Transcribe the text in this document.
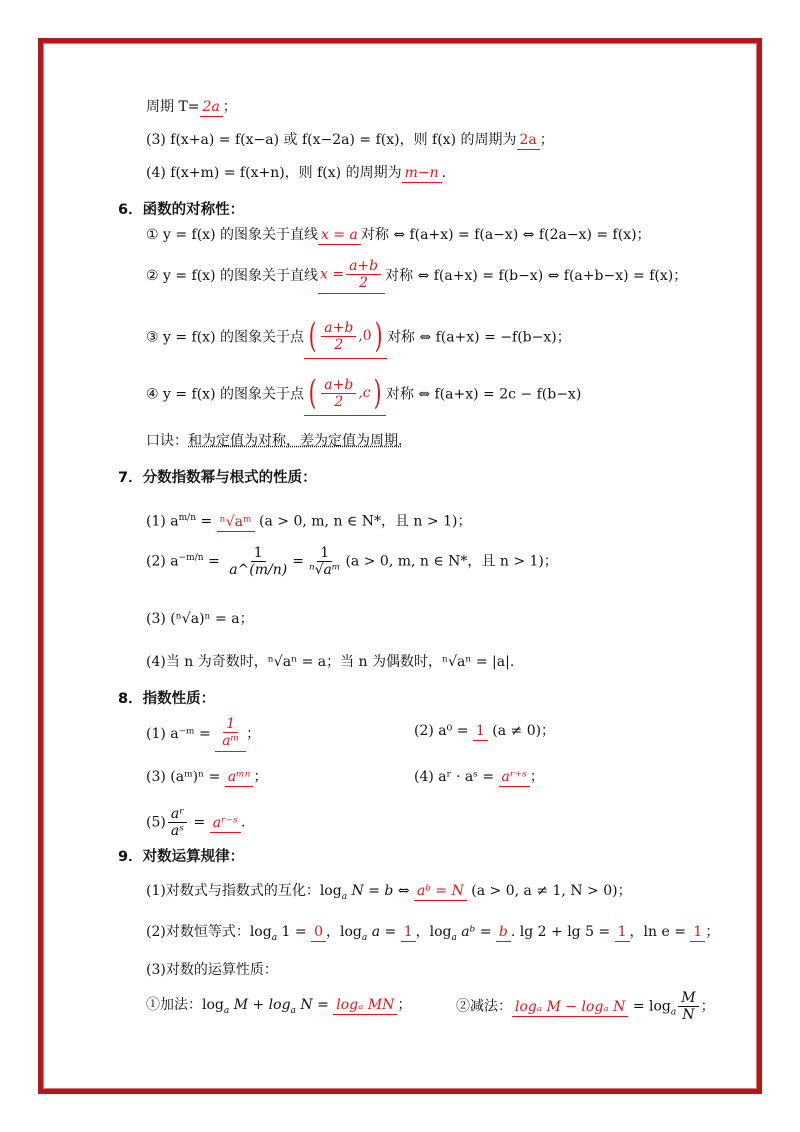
周期 T= 2a ；
(3) f(x+a) = f(x−a) 或 f(x−2a) = f(x)，则 f(x) 的周期为 2a ；
(4) f(x+m) = f(x+n)，则 f(x) 的周期为 m−n .
6．函数的对称性：
① y = f(x) 的图象关于直线 x = a 对称 ⇔ f(a+x) = f(a−x) ⇔ f(2a−x) = f(x)；
② y = f(x) 的图象关于直线 $x = \frac{a+b}{2}$ 对称 ⇔ f(a+x) = f(b−x) ⇔ f(a+b−x) = f(x)；
③ y = f(x) 的图象关于点 ( $\frac{a+b}{2} ,0$) 对称 ⇔ f(a+x) = −f(b−x)；
④ y = f(x) 的图象关于点 ( $\frac{a+b}{2} ,c$) 对称 ⇔ f(a+x) = 2c − f(b−x)
口诀：和为定值为对称，差为定值为周期.
7．分数指数幂与根式的性质：
(1) $a^{m/n}$ = ⁿ√aᵐ (a > 0, m, n ∈ N*，且 n > 1)；
(2) $a^{-m/n} = \frac{1}{a\^{}(m/n)} = \frac{1}{\text{ⁿ√aᵐ}} (a > 0$, m, n ∈ N*，且 n > 1)；
(3) (ⁿ√a)ⁿ = a；
(4)当 n 为奇数时，ⁿ√aⁿ = a；当 n 为偶数时，ⁿ√aⁿ = |a|.
8．指数性质：
(1) a⁻ᵐ = $\frac{1}{\text{aᵐ}}$ ；	(2) a⁰ = 1 (a ≠ 0)；
(3) (aᵐ)ⁿ = aᵐⁿ ；	(4) aʳ · aˢ = aʳ⁺ˢ ；
$(5) \frac{\text{aʳ}}{\text{aˢ}}$ = aʳ⁻ˢ .
9．对数运算规律：
(1)对数式与指数式的互化：$\log_a N = b$ ⇔ aᵇ = N (a > 0, a ≠ 1, N > 0)；
(2)对数恒等式：$\log_a 1 = 0$ ，$\log_a a = 1$ ，$\log_a$ aᵇ = b . lg 2 + lg 5 = 1 ，ln e = 1 ；
(3)对数的运算性质：
①加法：$\log_a M + \log_a N = \log_a$ MN ；	②减法： logₐ M − logₐ $N = \log_a \frac{M}{N}$ ；
